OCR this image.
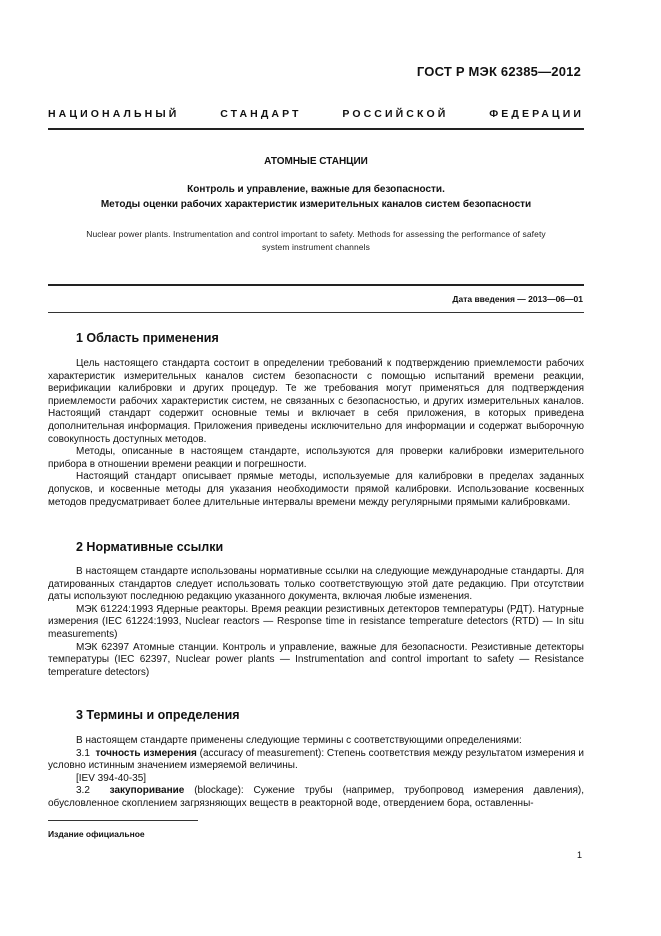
ГОСТ Р МЭК 62385—2012
НАЦИОНАЛЬНЫЙ СТАНДАРТ РОССИЙСКОЙ ФЕДЕРАЦИИ
АТОМНЫЕ СТАНЦИИ
Контроль и управление, важные для безопасности.
Методы оценки рабочих характеристик измерительных каналов систем безопасности
Nuclear power plants. Instrumentation and control important to safety. Methods for assessing the performance of safety
system instrument channels
Дата введения — 2013—06—01
1 Область применения

Цель настоящего стандарта состоит в определении требований к подтверждению приемлемости рабочих характеристик измерительных каналов систем безопасности с помощью испытаний времени реакции, верификации калибровки и других процедур. Те же требования могут применяться для подтверждения приемлемости рабочих характеристик систем, не связанных с безопасностью, и других измерительных каналов. Настоящий стандарт содержит основные темы и включает в себя приложения, в которых приведена дополнительная информация. Приложения приведены исключительно для информации и содержат выборочную совокупность доступных методов.

Методы, описанные в настоящем стандарте, используются для проверки калибровки измерительного прибора в отношении времени реакции и погрешности.

Настоящий стандарт описывает прямые методы, используемые для калибровки в пределах заданных допусков, и косвенные методы для указания необходимости прямой калибровки. Использование косвенных методов предусматривает более длительные интервалы времени между регулярными прямыми калибровками.

2 Нормативные ссылки

В настоящем стандарте использованы нормативные ссылки на следующие международные стандарты. Для датированных стандартов следует использовать только соответствующую этой дате редакцию. При отсутствии даты используют последнюю редакцию указанного документа, включая любые изменения.

МЭК 61224:1993 Ядерные реакторы. Время реакции резистивных детекторов температуры (РДТ). Натурные измерения (IEC 61224:1993, Nuclear reactors — Response time in resistance temperature detectors (RTD) — In situ measurements)

МЭК 62397 Атомные станции. Контроль и управление, важные для безопасности. Резистивные детекторы температуры (IEC 62397, Nuclear power plants — Instrumentation and control important to safety — Resistance temperature detectors)

3 Термины и определения

В настоящем стандарте применены следующие термины с соответствующими определениями:

3.1 точность измерения (accuracy of measurement): Степень соответствия между результатом измерения и условно истинным значением измеряемой величины.

[IEV 394-40-35]

3.2 закупоривание (blockage): Сужение трубы (например, трубопровод измерения давления), обусловленное скоплением загрязняющих веществ в реакторной воде, отвердением бора, оставленны-

Издание официальное
1
